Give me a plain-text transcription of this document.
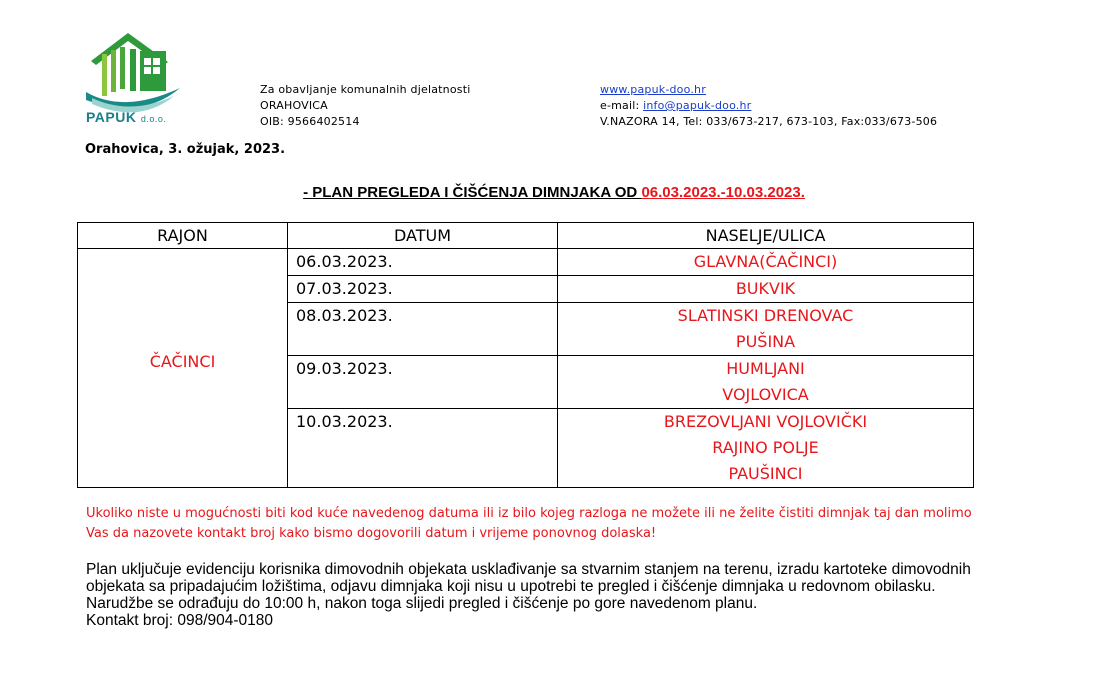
PAPUK d.o.o.
Za obavljanje komunalnih djelatnosti
ORAHOVICA
OIB: 9566402514
www.papuk-doo.hr
e-mail: info@papuk-doo.hr
V.NAZORA 14, Tel: 033/673-217, 673-103, Fax:033/673-506
Orahovica, 3. ožujak, 2023.
- PLAN PREGLEDA I ČIŠĆENJA DIMNJAKA OD 06.03.2023.-10.03.2023.
RAJON	DATUM	NASELJE/ULICA
ČAČINCI	06.03.2023.	GLAVNA(ČAČINCI)

	07.03.2023.	BUKVIK

	08.03.2023.	SLATINSKI DRENOVAC
PUŠINA

	09.03.2023.	HUMLJANI
VOJLOVICA

	10.03.2023.	BREZOVLJANI VOJLOVIČKI
RAJINO POLJE
PAUŠINCI
Ukoliko niste u mogućnosti biti kod kuće navedenog datuma ili iz bilo kojeg razloga ne možete ili ne želite čistiti dimnjak taj dan molimo Vas da nazovete kontakt broj kako bismo dogovorili datum i vrijeme ponovnog dolaska!
Plan uključuje evidenciju korisnika dimovodnih objekata usklađivanje sa stvarnim stanjem na terenu, izradu kartoteke dimovodnih objekata sa pripadajućim ložištima, odjavu dimnjaka koji nisu u upotrebi te pregled i čišćenje dimnjaka u redovnom obilasku.
Narudžbe se odrađuju do 10:00 h, nakon toga slijedi pregled i čišćenje po gore navedenom planu.
Kontakt broj: 098/904-0180
